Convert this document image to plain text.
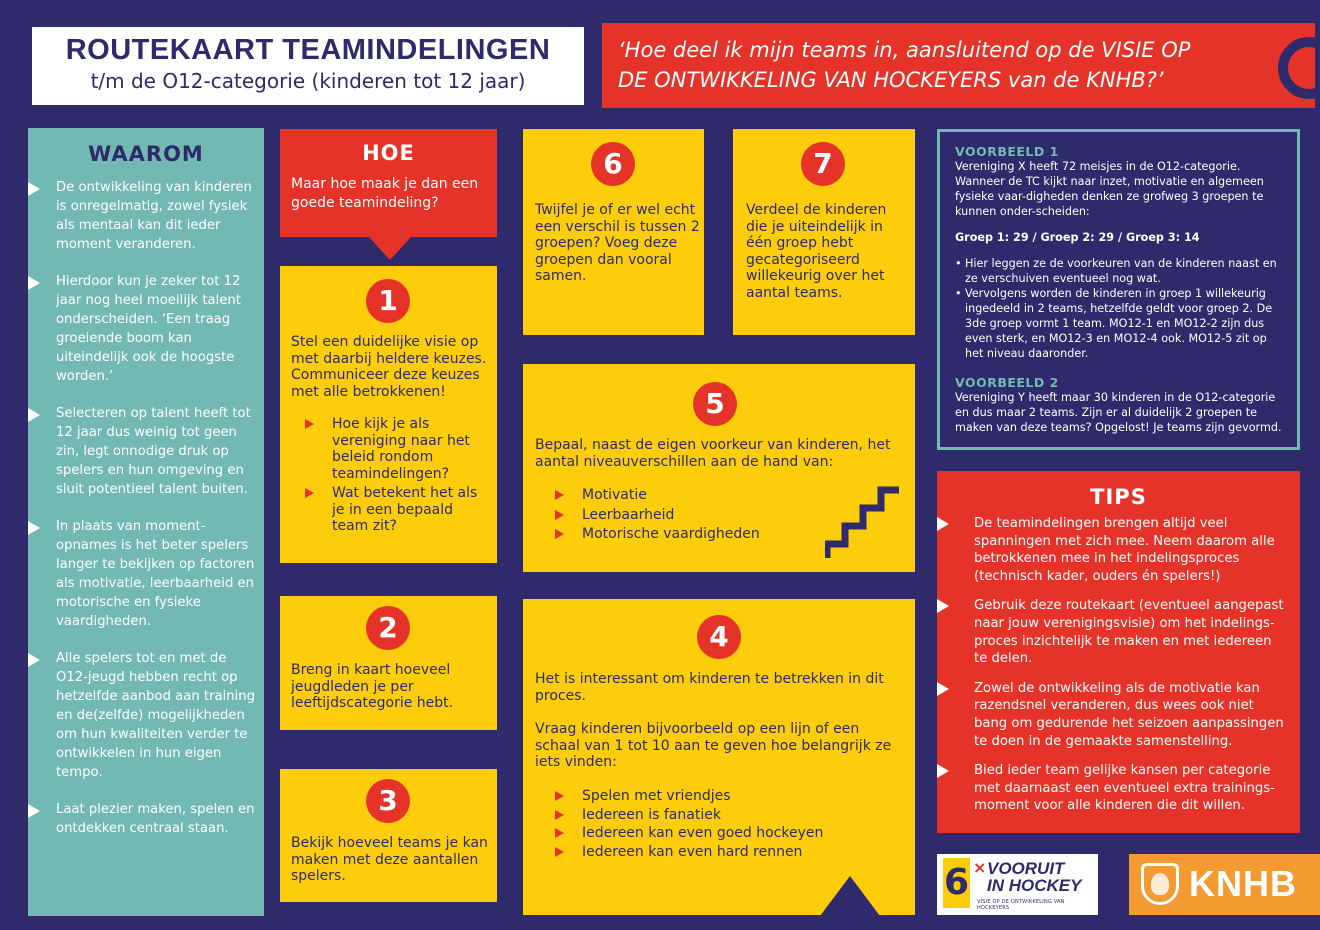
ROUTEKAART TEAMINDELINGEN
t/m de O12-categorie (kinderen tot 12 jaar)
‘Hoe deel ik mijn teams in, aansluitend op de VISIE OP
DE ONTWIKKELING VAN HOCKEYERS van de KNHB?’
WAAROM
De ontwikkeling van kinderen is onregelmatig, zowel fysiek als mentaal kan dit ieder moment veranderen.
Hierdoor kun je zeker tot 12 jaar nog heel moeilijk talent onderscheiden. ‘Een traag groeiende boom kan uiteindelijk ook de hoogste worden.’
Selecteren op talent heeft tot 12 jaar dus weinig tot geen zin, legt onnodige druk op spelers en hun omgeving en sluit potentieel talent buiten.
In plaats van moment-opnames is het beter spelers langer te bekijken op factoren als motivatie, leerbaarheid en motorische en fysieke vaardigheden.
Alle spelers tot en met de O12-jeugd hebben recht op hetzelfde aanbod aan training en de(zelfde) mogelijkheden om hun kwaliteiten verder te ontwikkelen in hun eigen tempo.
Laat plezier maken, spelen en ontdekken centraal staan.
HOE
Maar hoe maak je dan een goede teamindeling?
1
Stel een duidelijke visie op met daarbij heldere keuzes. Communiceer deze keuzes met alle betrokkenen!
Hoe kijk je als vereniging naar het beleid rondom teamindelingen?
Wat betekent het als je in een bepaald team zit?
2
Breng in kaart hoeveel jeugdleden je per leeftijdscategorie hebt.
3
Bekijk hoeveel teams je kan maken met deze aantallen spelers.
4
Het is interessant om kinderen te betrekken in dit proces.
Vraag kinderen bijvoorbeeld op een lijn of een schaal van 1 tot 10 aan te geven hoe belangrijk ze iets vinden:
Spelen met vriendjes
Iedereen is fanatiek
Iedereen kan even goed hockeyen
Iedereen kan even hard rennen
5
Bepaal, naast de eigen voorkeur van kinderen, het aantal niveauverschillen aan de hand van:
Motivatie
Leerbaarheid
Motorische vaardigheden
6
Twijfel je of er wel echt een verschil is tussen 2 groepen? Voeg deze groepen dan vooral samen.
7
Verdeel de kinderen die je uiteindelijk in één groep hebt gecategoriseerd willekeurig over het aantal teams.
VOORBEELD 1
Vereniging X heeft 72 meisjes in de O12-categorie. Wanneer de TC kijkt naar inzet, motivatie en algemeen fysieke vaar-digheden denken ze grofweg 3 groepen te kunnen onder-scheiden:
Groep 1: 29 / Groep 2: 29 / Groep 3: 14
• Hier leggen ze de voorkeuren van de kinderen naast en ze verschuiven eventueel nog wat.
• Vervolgens worden de kinderen in groep 1 willekeurig ingedeeld in 2 teams, hetzelfde geldt voor groep 2. De 3de groep vormt 1 team. MO12-1 en MO12-2 zijn dus even sterk, en MO12-3 en MO12-4 ook. MO12-5 zit op het niveau daaronder.
VOORBEELD 2
Vereniging Y heeft maar 30 kinderen in de O12-categorie en dus maar 2 teams. Zijn er al duidelijk 2 groepen te maken van deze teams? Opgelost! Je teams zijn gevormd.
TIPS
De teamindelingen brengen altijd veel spanningen met zich mee. Neem daarom alle betrokkenen mee in het indelingsproces (technisch kader, ouders én spelers!)
Gebruik deze routekaart (eventueel aangepast naar jouw verenigingsvisie) om het indelings-proces inzichtelijk te maken en met iedereen te delen.
Zowel de ontwikkeling als de motivatie kan razendsnel veranderen, dus wees ook niet bang om gedurende het seizoen aanpassingen te doen in de gemaakte samenstelling.
Bied ieder team gelijke kansen per categorie met daarnaast een eventueel extra trainings-moment voor alle kinderen die dit willen.
6 × VOORUIT
IN HOCKEY
VISIE OP DE ONTWIKKELING VAN HOCKEYERS
KNHB
